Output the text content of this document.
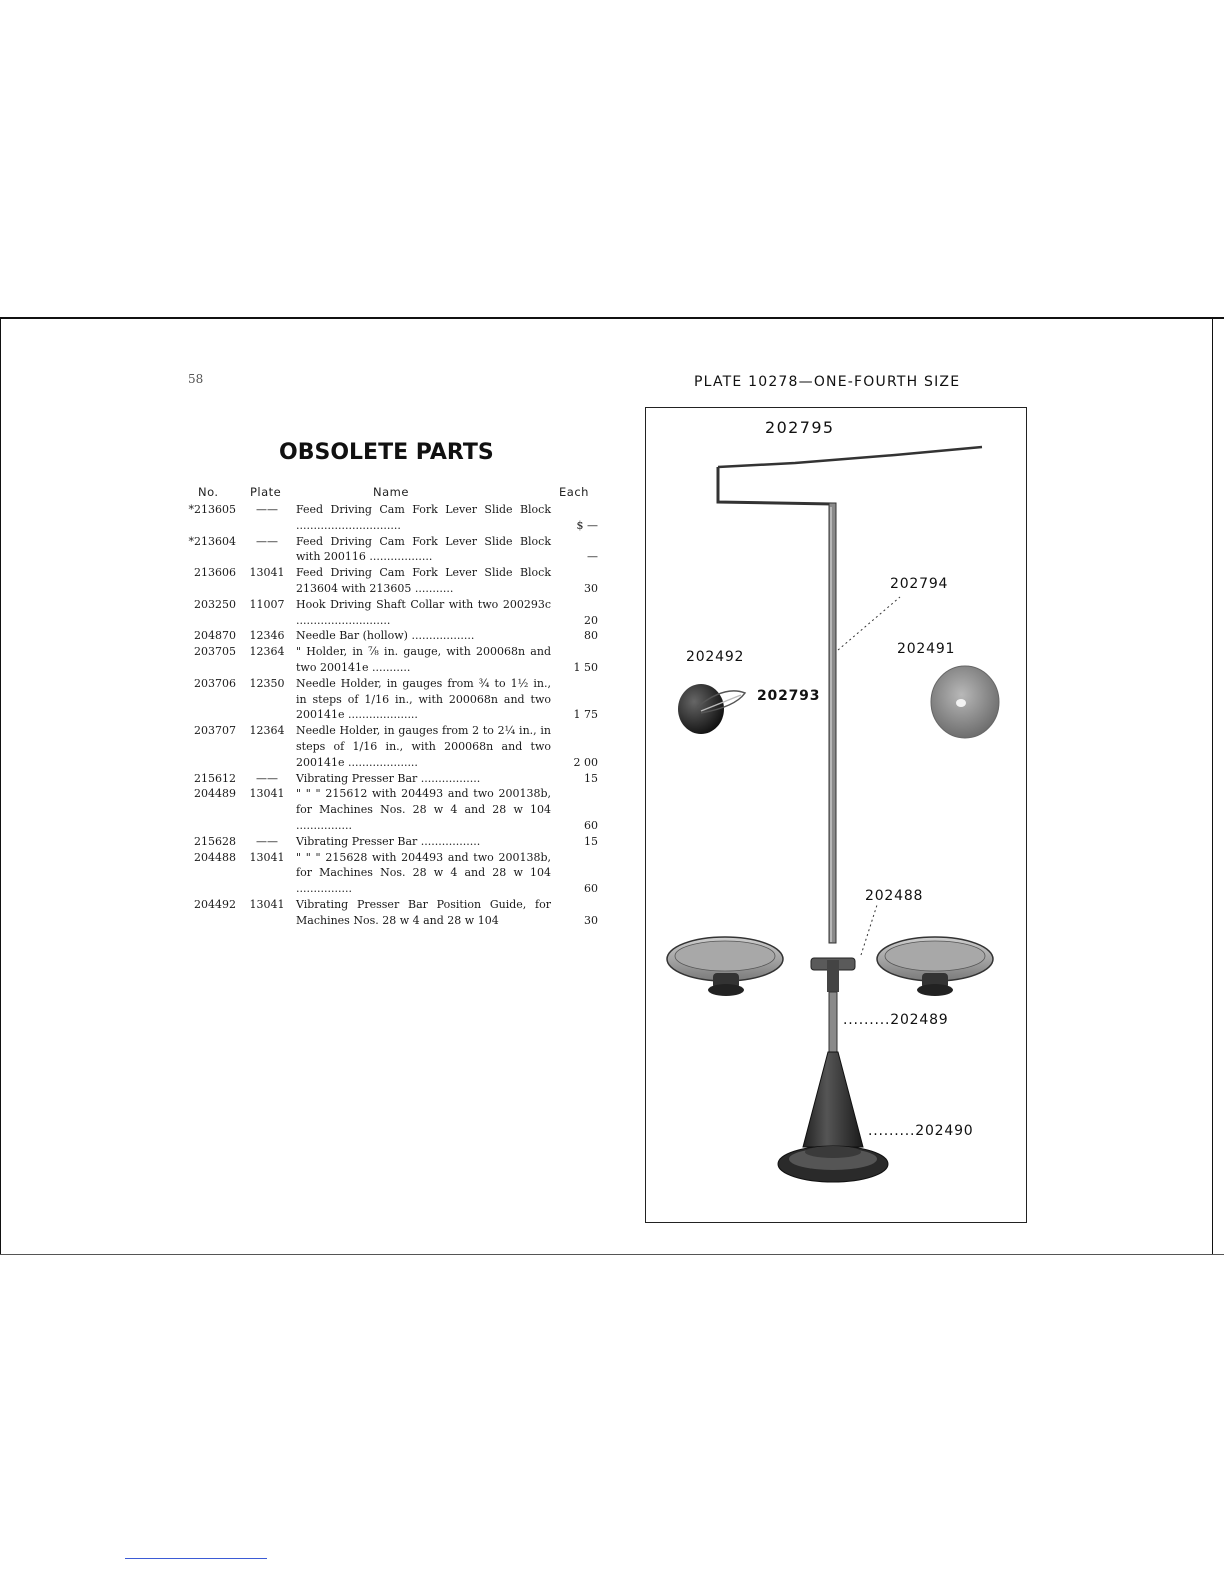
58	PLATE 10278—ONE-FOURTH SIZE
OBSOLETE PARTS
No.	Plate	Name	Each
*213605	——	Feed Driving Cam Fork Lever Slide Block ..............................	$ —
*213604	——	Feed Driving Cam Fork Lever Slide Block with 200116 ..................	—
213606	13041	Feed Driving Cam Fork Lever Slide Block 213604 with 213605 ...........	30
203250	11007	Hook Driving Shaft Collar with two 200293c ...........................	20
204870	12346	Needle Bar (hollow) ..................	80
203705	12364	" Holder, in ⅞ in. gauge, with 200068n and two 200141e ...........	1 50
203706	12350	Needle Holder, in gauges from ¾ to 1½ in., in steps of 1/16 in., with 200068n and two 200141e ....................	1 75
203707	12364	Needle Holder, in gauges from 2 to 2¼ in., in steps of 1/16 in., with 200068n and two 200141e ....................	2 00
215612	——	Vibrating Presser Bar .................	15
204489	13041	" " " 215612 with 204493 and two 200138b, for Machines Nos. 28 w 4 and 28 w 104 ................	60
215628	——	Vibrating Presser Bar .................	15
204488	13041	" " " 215628 with 204493 and two 200138b, for Machines Nos. 28 w 4 and 28 w 104 ................	60
204492	13041	Vibrating Presser Bar Position Guide, for Machines Nos. 28 w 4 and 28 w 104	30
202795
202794
202492	202491
202793
202488
.........202489
.........202490
